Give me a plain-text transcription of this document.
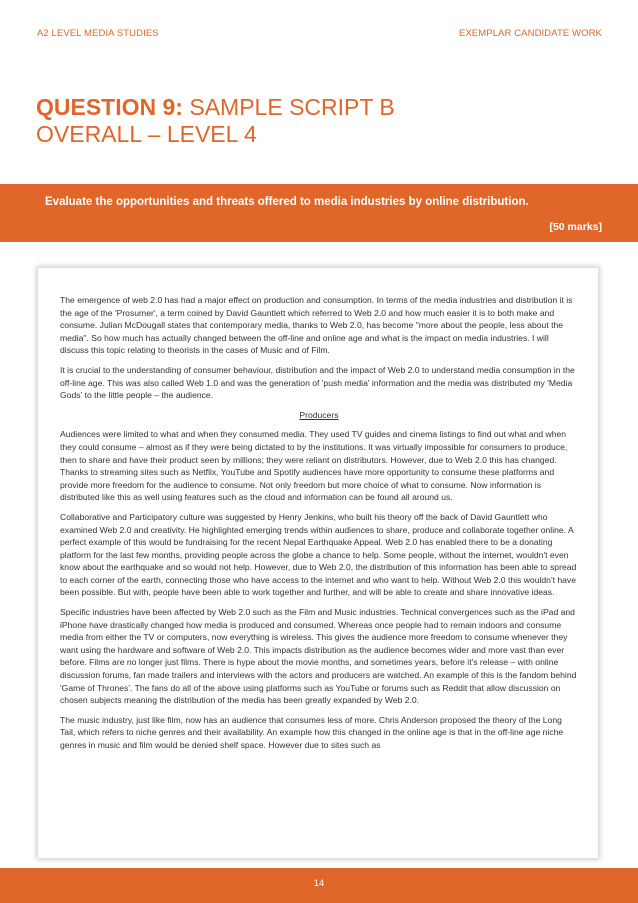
A2 LEVEL MEDIA STUDIES	EXEMPLAR CANDIDATE WORK
QUESTION 9: SAMPLE SCRIPT B
OVERALL – LEVEL 4
Evaluate the opportunities and threats offered to media industries by online distribution.
[50 marks]

The emergence of web 2.0 has had a major effect on production and consumption. In terms of the media industries and distribution it is the age of the 'Prosumer', a term coined by David Gauntlett which referred to Web 2.0 and how much easier it is to both make and consume. Julian McDougall states that contemporary media, thanks to Web 2.0, has become "more about the people, less about the media". So how much has actually changed between the off-line and online age and what is the impact on media industries. I will discuss this topic relating to theorists in the cases of Music and of Film.

It is crucial to the understanding of consumer behaviour, distribution and the impact of Web 2.0 to understand media consumption in the off-line age. This was also called Web 1.0 and was the generation of 'push media' information and the media was distributed my 'Media Gods' to the little people – the audience.

Producers

Audiences were limited to what and when they consumed media. They used TV guides and cinema listings to find out what and when they could consume – almost as if they were being dictated to by the institutions. It was virtually impossible for consumers to produce, then to share and have their product seen by millions; they were reliant on distributors. However, due to Web 2.0 this has changed. Thanks to streaming sites such as Netflix, YouTube and Spotify audiences have more opportunity to consume these platforms and provide more freedom for the audience to consume. Not only freedom but more choice of what to consume. Now information is distributed like this as well using features such as the cloud and information can be found all around us.

Collaborative and Participatory culture was suggested by Henry Jenkins, who built his theory off the back of David Gauntlett who examined Web 2.0 and creativity. He highlighted emerging trends within audiences to share, produce and collaborate together online. A perfect example of this would be fundraising for the recent Nepal Earthquake Appeal. Web 2.0 has enabled there to be a donating platform for the last few months, providing people across the globe a chance to help. Some people, without the internet, wouldn't even know about the earthquake and so would not help. However, due to Web 2.0, the distribution of this information has been able to spread to each corner of the earth, connecting those who have access to the internet and who want to help. Without Web 2.0 this wouldn't have been possible. But with, people have been able to work together and further, and will be able to create and share innovative ideas.

Specific industries have been affected by Web 2.0 such as the Film and Music industries. Technical convergences such as the iPad and iPhone have drastically changed how media is produced and consumed. Whereas once people had to remain indoors and consume media from either the TV or computers, now everything is wireless. This gives the audience more freedom to consume whenever they want using the hardware and software of Web 2.0. This impacts distribution as the audience becomes wider and more vast than ever before. Films are no longer just films. There is hype about the movie months, and sometimes years, before it's release – with online discussion forums, fan made trailers and interviews with the actors and producers are watched. An example of this is the fandom behind 'Game of Thrones'. The fans do all of the above using platforms such as YouTube or forums such as Reddit that allow discussion on chosen subjects meaning the distribution of the media has been greatly expanded by Web 2.0.

The music industry, just like film, now has an audience that consumes less of more. Chris Anderson proposed the theory of the Long Tail, which refers to niche genres and their availability. An example how this changed in the online age is that in the off-line age niche genres in music and film would be denied shelf space. However due to sites such as

14
